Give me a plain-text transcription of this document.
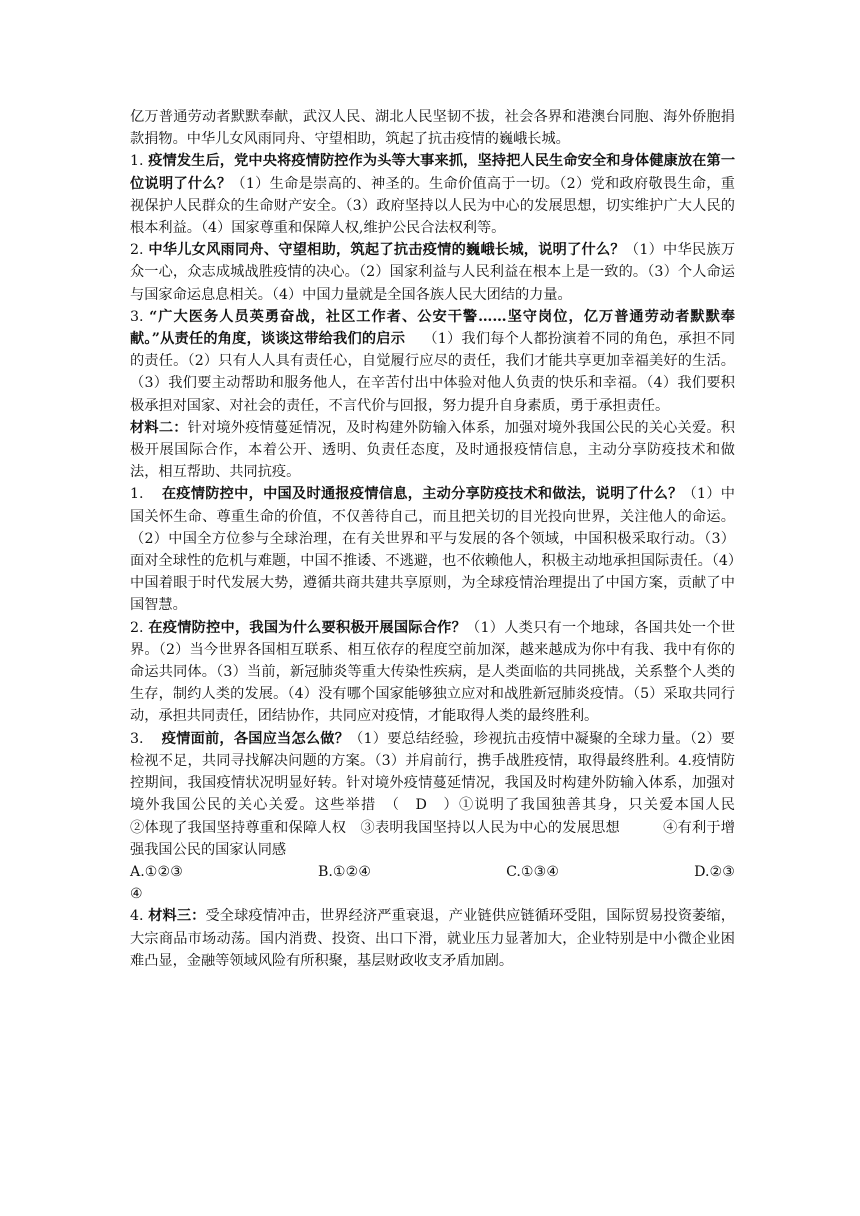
亿万普通劳动者默默奉献，武汉人民、湖北人民坚韧不拔，社会各界和港澳台同胞、海外侨胞捐款捐物。中华儿女风雨同舟、守望相助，筑起了抗击疫情的巍峨长城。

1. 疫情发生后，党中央将疫情防控作为头等大事来抓，坚持把人民生命安全和身体健康放在第一位说明了什么？（1）生命是崇高的、神圣的。生命价值高于一切。（2）党和政府敬畏生命，重视保护人民群众的生命财产安全。（3）政府坚持以人民为中心的发展思想，切实维护广大人民的根本利益。（4）国家尊重和保障人权,维护公民合法权利等。

2. 中华儿女风雨同舟、守望相助，筑起了抗击疫情的巍峨长城，说明了什么？（1）中华民族万众一心，众志成城战胜疫情的决心。（2）国家利益与人民利益在根本上是一致的。（3）个人命运与国家命运息息相关。（4）中国力量就是全国各族人民大团结的力量。

3. “广大医务人员英勇奋战，社区工作者、公安干警……坚守岗位，亿万普通劳动者默默奉献。”从责任的角度，谈谈这带给我们的启示 （1）我们每个人都扮演着不同的角色，承担不同的责任。（2）只有人人具有责任心，自觉履行应尽的责任，我们才能共享更加幸福美好的生活。（3）我们要主动帮助和服务他人，在辛苦付出中体验对他人负责的快乐和幸福。（4）我们要积极承担对国家、对社会的责任，不言代价与回报，努力提升自身素质，勇于承担责任。

材料二：针对境外疫情蔓延情况，及时构建外防输入体系，加强对境外我国公民的关心关爱。积极开展国际合作，本着公开、透明、负责任态度，及时通报疫情信息，主动分享防疫技术和做法，相互帮助、共同抗疫。

1. 在疫情防控中，中国及时通报疫情信息，主动分享防疫技术和做法，说明了什么？（1）中国关怀生命、尊重生命的价值，不仅善待自己，而且把关切的目光投向世界，关注他人的命运。（2）中国全方位参与全球治理，在有关世界和平与发展的各个领域，中国积极采取行动。（3）面对全球性的危机与难题，中国不推诿、不逃避，也不依赖他人，积极主动地承担国际责任。（4）中国着眼于时代发展大势，遵循共商共建共享原则，为全球疫情治理提出了中国方案，贡献了中国智慧。

2. 在疫情防控中，我国为什么要积极开展国际合作？（1）人类只有一个地球，各国共处一个世界。（2）当今世界各国相互联系、相互依存的程度空前加深，越来越成为你中有我、我中有你的命运共同体。（3）当前，新冠肺炎等重大传染性疾病，是人类面临的共同挑战，关系整个人类的生存，制约人类的发展。（4）没有哪个国家能够独立应对和战胜新冠肺炎疫情。（5）采取共同行动，承担共同责任，团结协作，共同应对疫情，才能取得人类的最终胜利。

3. 疫情面前，各国应当怎么做？（1）要总结经验，珍视抗击疫情中凝聚的全球力量。（2）要检视不足，共同寻找解决问题的方案。（3）并肩前行，携手战胜疫情，取得最终胜利。4.疫情防控期间，我国疫情状况明显好转。针对境外疫情蔓延情况，我国及时构建外防输入体系，加强对境外我国公民的关心关爱。这些举措　（　D　）①说明了我国独善其身，只关爱本国人民　　　②体现了我国坚持尊重和保障人权　③表明我国坚持以人民为中心的发展思想　　　④有利于增强我国公民的国家认同感

A.①②③	B.①②④	C.①③④	D.②③
④

4. 材料三：受全球疫情冲击，世界经济严重衰退，产业链供应链循环受阻，国际贸易投资萎缩，大宗商品市场动荡。国内消费、投资、出口下滑，就业压力显著加大，企业特别是中小微企业困难凸显，金融等领域风险有所积聚，基层财政收支矛盾加剧。
